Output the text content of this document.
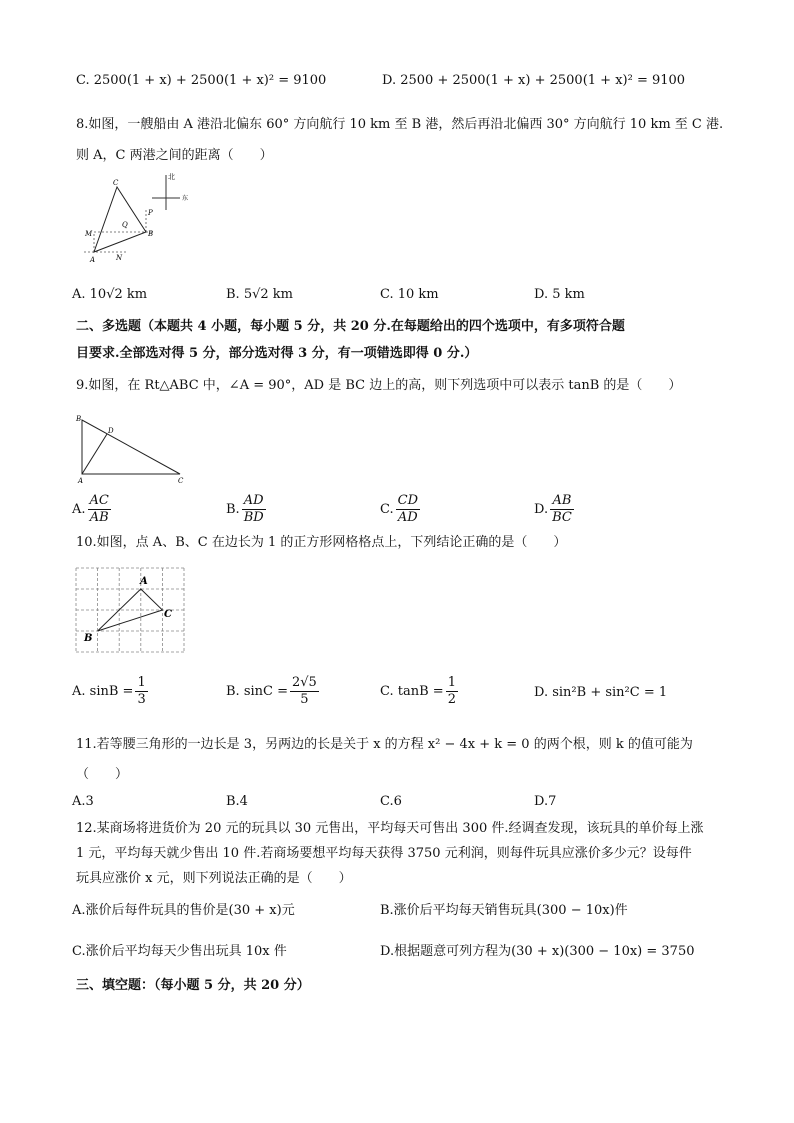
C. 2500(1 + x) + 2500(1 + x)² = 9100	D. 2500 + 2500(1 + x) + 2500(1 + x)² = 9100
8.如图，一艘船由 A 港沿北偏东 60° 方向航行 10 km 至 B 港，然后再沿北偏西 30° 方向航行 10 km 至 C 港.
则 A，C 两港之间的距离（　　）
北
东
C
Q
P
B
M
A	N
A. 10√2 km	B. 5√2 km	C. 10 km	D. 5 km
二、多选题（本题共 4 小题，每小题 5 分，共 20 分.在每题给出的四个选项中，有多项符合题
目要求.全部选对得 5 分，部分选对得 3 分，有一项错选即得 0 分.）
9.如图，在 Rt△ABC 中，∠A = 90°，AD 是 BC 边上的高，则下列选项中可以表示 tanB 的是（　　）
B
D
A	C
A. $\frac{AC}{AB}$	B. $\frac{AD}{BD}$	C. $\frac{CD}{AD}$	D. $\frac{AB}{BC}$
10.如图，点 A、B、C 在边长为 1 的正方形网格格点上，下列结论正确的是（　　）
A
B
C
A. $\sin B = \frac{1}{3}$	B. $\sin C = \frac{2√5}{5}$	C. $\tan B = \frac{1}{2}$	D. sin²B + sin²C = 1
11.若等腰三角形的一边长是 3，另两边的长是关于 x 的方程 x² − 4x + k = 0 的两个根，则 k 的值可能为
（　　）
A.3	B.4	C.6	D.7
12.某商场将进货价为 20 元的玩具以 30 元售出，平均每天可售出 300 件.经调查发现，该玩具的单价每上涨
1 元，平均每天就少售出 10 件.若商场要想平均每天获得 3750 元利润，则每件玩具应涨价多少元？设每件
玩具应涨价 x 元，则下列说法正确的是（　　）
A.涨价后每件玩具的售价是(30 + x)元	B.涨价后平均每天销售玩具(300 − 10x)件
C.涨价后平均每天少售出玩具 10x 件	D.根据题意可列方程为(30 + x)(300 − 10x) = 3750
三、填空题：（每小题 5 分，共 20 分）
